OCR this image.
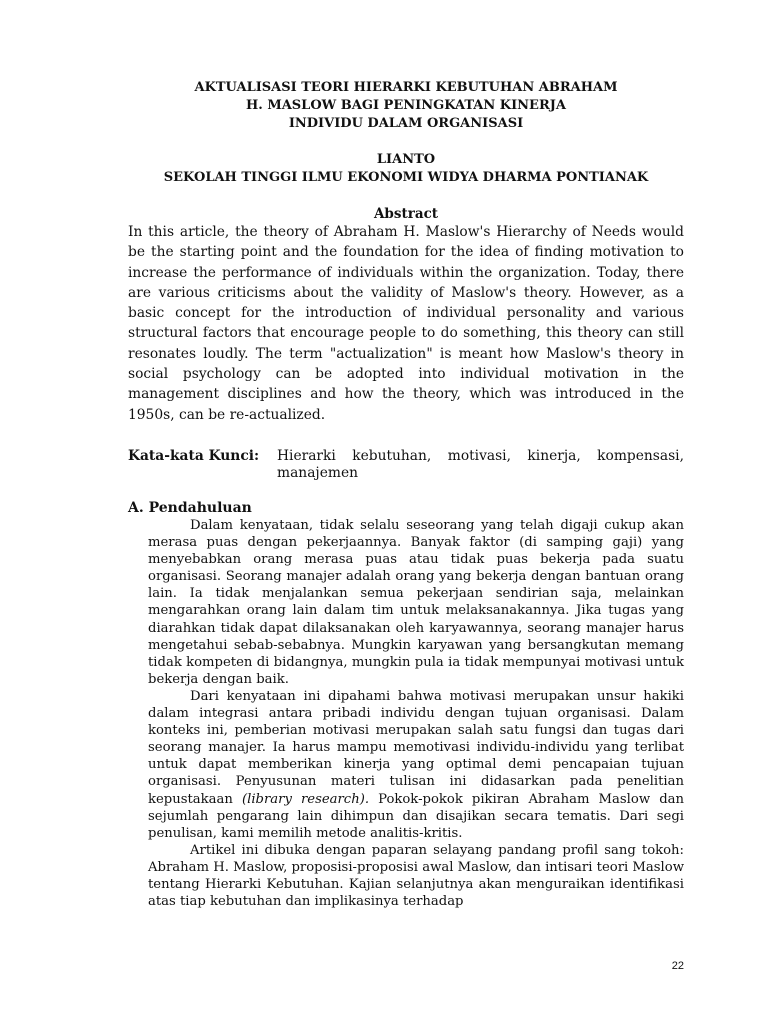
AKTUALISASI TEORI HIERARKI KEBUTUHAN ABRAHAM
H. MASLOW BAGI PENINGKATAN KINERJA
INDIVIDU DALAM ORGANISASI
LIANTO
SEKOLAH TINGGI ILMU EKONOMI WIDYA DHARMA PONTIANAK
Abstract

In this article, the theory of Abraham H. Maslow's Hierarchy of Needs would be the starting point and the foundation for the idea of finding motivation to increase the performance of individuals within the organization. Today, there are various criticisms about the validity of Maslow's theory. However, as a basic concept for the introduction of individual personality and various structural factors that encourage people to do something, this theory can still resonates loudly. The term "actualization" is meant how Maslow's theory in social psychology can be adopted into individual motivation in the management disciplines and how the theory, which was introduced in the 1950s, can be re-actualized.

Kata-kata Kunci: Hierarki kebutuhan, motivasi, kinerja, kompensasi, manajemen
A. Pendahuluan

Dalam kenyataan, tidak selalu seseorang yang telah digaji cukup akan merasa puas dengan pekerjaannya. Banyak faktor (di samping gaji) yang menyebabkan orang merasa puas atau tidak puas bekerja pada suatu organisasi. Seorang manajer adalah orang yang bekerja dengan bantuan orang lain. Ia tidak menjalankan semua pekerjaan sendirian saja, melainkan mengarahkan orang lain dalam tim untuk melaksanakannya. Jika tugas yang diarahkan tidak dapat dilaksanakan oleh karyawannya, seorang manajer harus mengetahui sebab-sebabnya. Mungkin karyawan yang bersangkutan memang tidak kompeten di bidangnya, mungkin pula ia tidak mempunyai motivasi untuk bekerja dengan baik.

Dari kenyataan ini dipahami bahwa motivasi merupakan unsur hakiki dalam integrasi antara pribadi individu dengan tujuan organisasi. Dalam konteks ini, pemberian motivasi merupakan salah satu fungsi dan tugas dari seorang manajer. Ia harus mampu memotivasi individu-individu yang terlibat untuk dapat memberikan kinerja yang optimal demi pencapaian tujuan organisasi. Penyusunan materi tulisan ini didasarkan pada penelitian kepustakaan (library research). Pokok-pokok pikiran Abraham Maslow dan sejumlah pengarang lain dihimpun dan disajikan secara tematis. Dari segi penulisan, kami memilih metode analitis-kritis.

Artikel ini dibuka dengan paparan selayang pandang profil sang tokoh: Abraham H. Maslow, proposisi-proposisi awal Maslow, dan intisari teori Maslow tentang Hierarki Kebutuhan. Kajian selanjutnya akan menguraikan identifikasi atas tiap kebutuhan dan implikasinya terhadap

22
